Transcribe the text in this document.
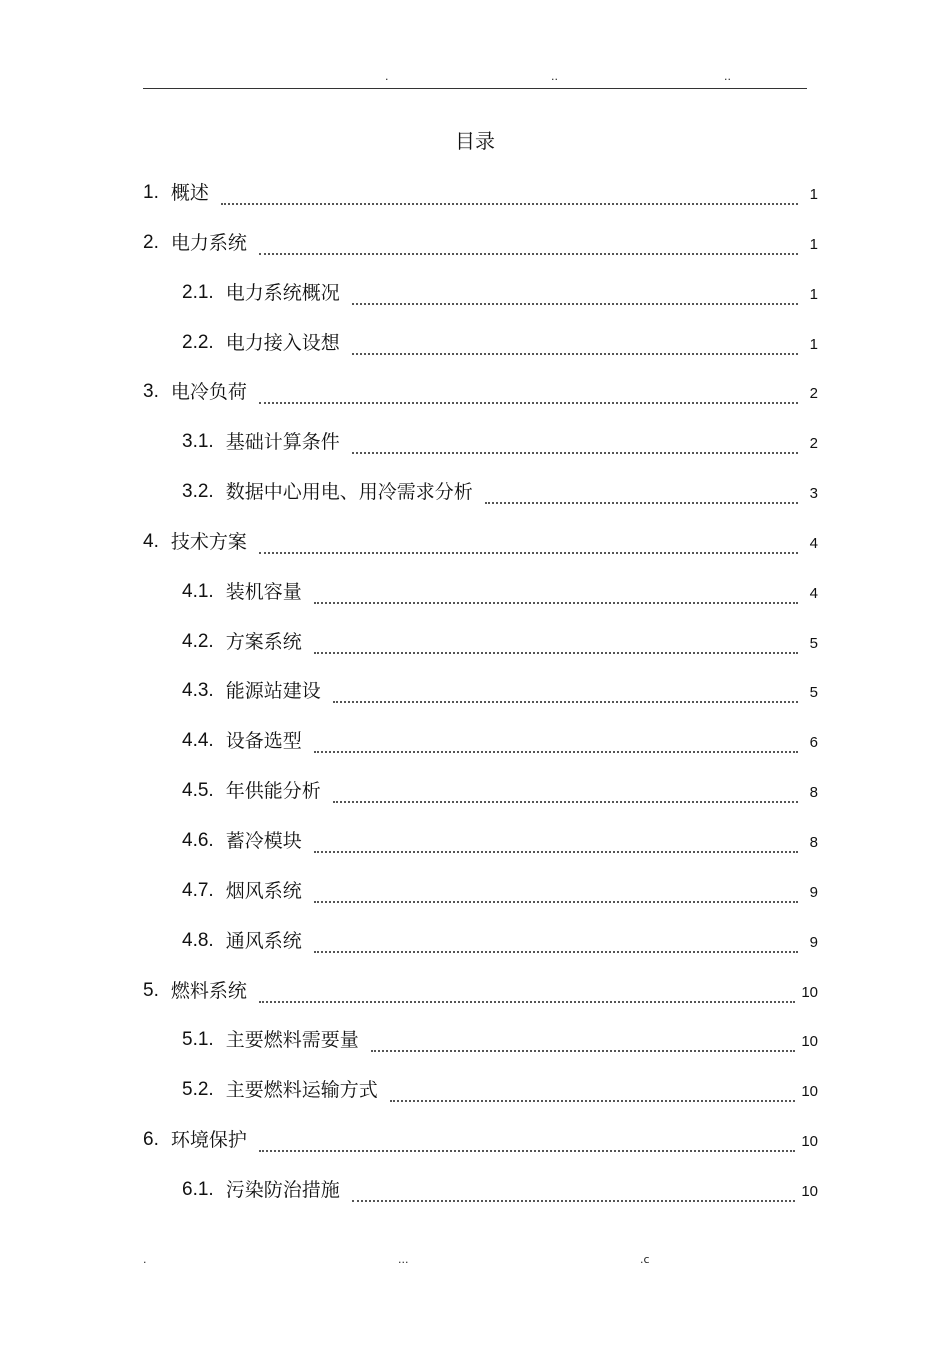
.	..	..
目录
1. 概述	1
2. 电力系统	1
2.1. 电力系统概况	1
2.2. 电力接入设想	1
3. 电冷负荷	2
3.1. 基础计算条件	2
3.2. 数据中心用电、用冷需求分析	3
4. 技术方案	4
4.1. 装机容量	4
4.2. 方案系统	5
4.3. 能源站建设	5
4.4. 设备选型	6
4.5. 年供能分析	8
4.6. 蓄冷模块	8
4.7. 烟风系统	9
4.8. 通风系统	9
5. 燃料系统	10
5.1. 主要燃料需要量	10
5.2. 主要燃料运输方式	10
6. 环境保护	10
6.1. 污染防治措施	10
.	...	.c
